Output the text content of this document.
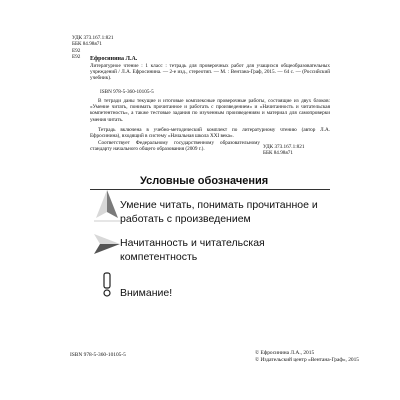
УДК 373.167.1:821
ББК 84.98я71
Е92
Е92 Ефросинина Л.А.
Литературное чтение : 1 класс : тетрадь для проверочных работ для учащихся общеобразовательных учреждений / Л.А. Ефросинина. — 2-е изд., стереотип. — М. : Вентана-Граф, 2015. — 64 с. — (Российский учебник).
ISBN 978-5-360-10105-5
В тетради даны текущие и итоговые комплексные проверочные работы, состоящие из двух блоков: «Умение читать, понимать прочитанное и работать с произведением» и «Начитанность и читательская компетентность», а также тестовые задания по изученным произведениям и материал для самопроверки умения читать.
Тетрадь включена в учебно-методический комплект по литературному чтению (автор Л.А. Ефросинина), входящий в систему «Начальная школа XXI века».
Соответствует Федеральному государственному образовательному стандарту начального общего образования (2009 г.).	УДК 373.167.1:821
ББК 84.98я71
Условные обозначения
Умение читать, понимать прочитанное и работать с произведением
Начитанность и читательская компетентность
Внимание!
ISBN 978-5-360-10105-5	© Ефросинина Л.А., 2015
© Издательский центр «Вентана-Граф», 2015
